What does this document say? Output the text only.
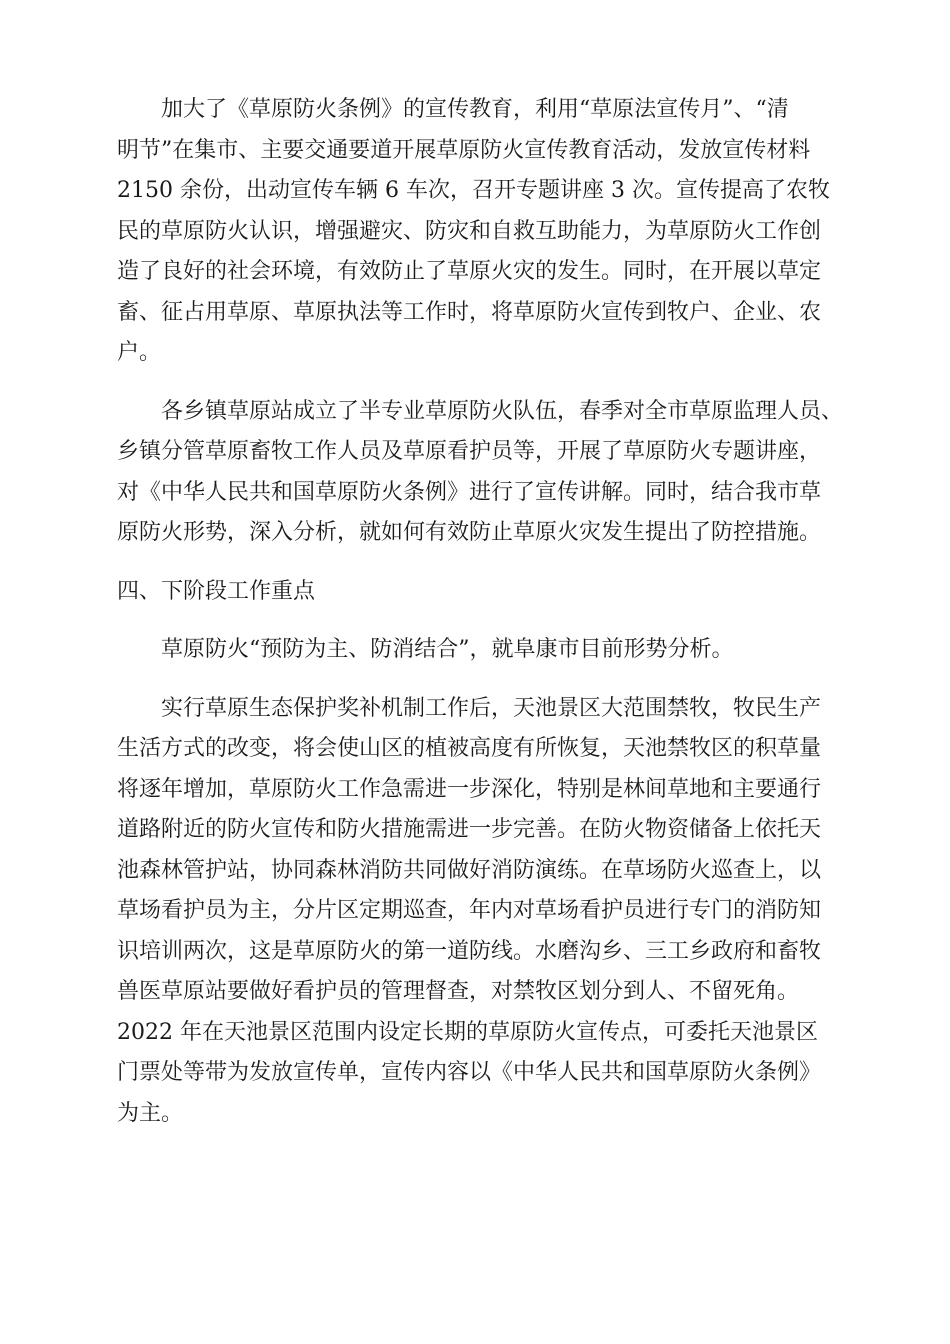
加大了《草原防火条例》的宣传教育，利用“草原法宣传月”、“清
明节”在集市、主要交通要道开展草原防火宣传教育活动，发放宣传材料
2150 余份，出动宣传车辆 6 车次，召开专题讲座 3 次。宣传提高了农牧
民的草原防火认识，增强避灾、防灾和自救互助能力，为草原防火工作创
造了良好的社会环境，有效防止了草原火灾的发生。同时，在开展以草定
畜、征占用草原、草原执法等工作时，将草原防火宣传到牧户、企业、农
户。

各乡镇草原站成立了半专业草原防火队伍，春季对全市草原监理人员、
乡镇分管草原畜牧工作人员及草原看护员等，开展了草原防火专题讲座，
对《中华人民共和国草原防火条例》进行了宣传讲解。同时，结合我市草
原防火形势，深入分析，就如何有效防止草原火灾发生提出了防控措施。

四、下阶段工作重点

草原防火“预防为主、防消结合”，就阜康市目前形势分析。

实行草原生态保护奖补机制工作后，天池景区大范围禁牧，牧民生产
生活方式的改变，将会使山区的植被高度有所恢复，天池禁牧区的积草量
将逐年增加，草原防火工作急需进一步深化，特别是林间草地和主要通行
道路附近的防火宣传和防火措施需进一步完善。在防火物资储备上依托天
池森林管护站，协同森林消防共同做好消防演练。在草场防火巡查上，以
草场看护员为主，分片区定期巡查，年内对草场看护员进行专门的消防知
识培训两次，这是草原防火的第一道防线。水磨沟乡、三工乡政府和畜牧
兽医草原站要做好看护员的管理督查，对禁牧区划分到人、不留死角。
2022 年在天池景区范围内设定长期的草原防火宣传点，可委托天池景区
门票处等带为发放宣传单，宣传内容以《中华人民共和国草原防火条例》
为主。
